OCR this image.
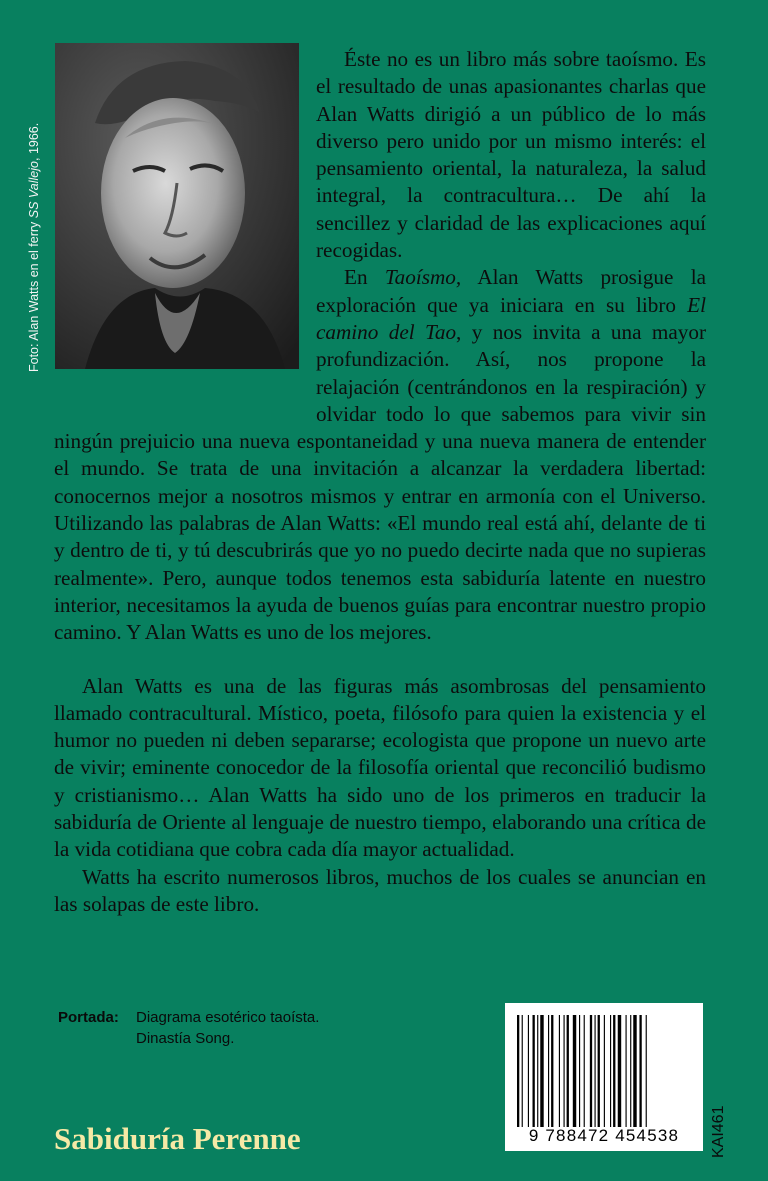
Foto: Alan Watts en el ferry SS Vallejo, 1966.

Éste no es un libro más sobre taoísmo. Es el resultado de unas apasionantes charlas que Alan Watts dirigió a un público de lo más diverso pero unido por un mismo interés: el pensamiento oriental, la naturaleza, la salud integral, la contracultura… De ahí la sencillez y claridad de las explicaciones aquí recogidas.

En Taoísmo, Alan Watts prosigue la exploración que ya iniciara en su libro El camino del Tao, y nos invita a una mayor profundización. Así, nos propone la relajación (centrándonos en la respiración) y olvidar todo lo que sabemos para vivir sin ningún prejuicio una nueva espontaneidad y una nueva manera de entender el mundo. Se trata de una invitación a alcanzar la verdadera libertad: conocernos mejor a nosotros mismos y entrar en armonía con el Universo. Utilizando las palabras de Alan Watts: «El mundo real está ahí, delante de ti y dentro de ti, y tú descubrirás que yo no puedo decirte nada que no supieras realmente». Pero, aunque todos tenemos esta sabiduría latente en nuestro interior, necesitamos la ayuda de buenos guías para encontrar nuestro propio camino. Y Alan Watts es uno de los mejores.

Alan Watts es una de las figuras más asombrosas del pensamiento llamado contracultural. Místico, poeta, filósofo para quien la existencia y el humor no pueden ni deben separarse; ecologista que propone un nuevo arte de vivir; eminente conocedor de la filosofía oriental que reconcilió budismo y cristianismo… Alan Watts ha sido uno de los primeros en traducir la sabiduría de Oriente al lenguaje de nuestro tiempo, elaborando una crítica de la vida cotidiana que cobra cada día mayor actualidad.

Watts ha escrito numerosos libros, muchos de los cuales se anuncian en las solapas de este libro.

Portada:	Diagrama esotérico taoísta.
Dinastía Song.
Sabiduría Perenne	9 788472 454538	KAI461
